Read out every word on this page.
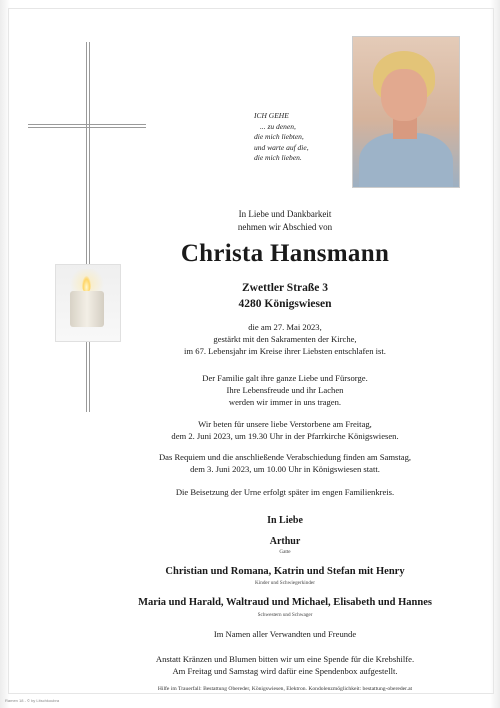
ICH GEHE
... zu denen,
die mich liebten,
und warte auf die,
die mich lieben.
In Liebe und Dankbarkeit
nehmen wir Abschied von
Christa Hansmann
Zwettler Straße 3
4280 Königswiesen
die am 27. Mai 2023,
gestärkt mit den Sakramenten der Kirche,
im 67. Lebensjahr im Kreise ihrer Liebsten entschlafen ist.
Der Familie galt ihre ganze Liebe und Fürsorge.
Ihre Lebensfreude und ihr Lachen
werden wir immer in uns tragen.
Wir beten für unsere liebe Verstorbene am Freitag,
dem 2. Juni 2023, um 19.30 Uhr in der Pfarrkirche Königswiesen.
Das Requiem und die anschließende Verabschiedung finden am Samstag,
dem 3. Juni 2023, um 10.00 Uhr in Königswiesen statt.
Die Beisetzung der Urne erfolgt später im engen Familienkreis.
In Liebe
Arthur
Gatte
Christian und Romana, Katrin und Stefan mit Henry
Kinder und Schwiegerkinder
Maria und Harald, Waltraud und Michael, Elisabeth und Hannes
Schwestern und Schwager
Im Namen aller Verwandten und Freunde
Anstatt Kränzen und Blumen bitten wir um eine Spende für die Krebshilfe.
Am Freitag und Samstag wird dafür eine Spendenbox aufgestellt.
Hilfe im Trauerfall: Bestattung Obereder, Königswiesen, Elektron. Kondolenzmöglichkeit: bestattung-obereder.at
Ramen 18 - © by Litschkoubra
